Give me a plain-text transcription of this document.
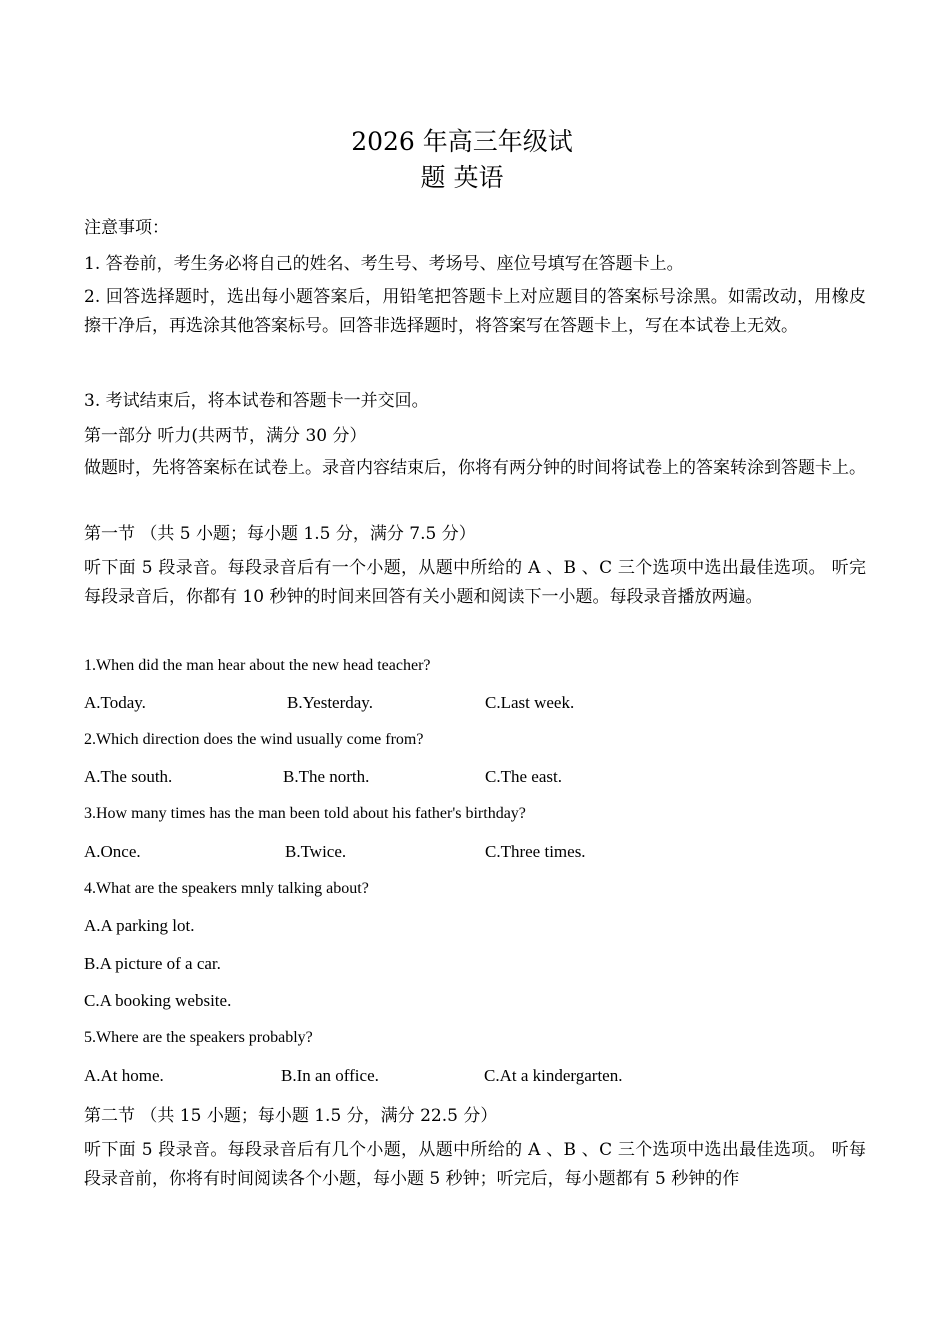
2026 年高三年级试
题 英语
注意事项：
1. 答卷前，考生务必将自己的姓名、考生号、考场号、座位号填写在答题卡上。
2. 回答选择题时，选出每小题答案后，用铅笔把答题卡上对应题目的答案标号涂黑。如需改动，用橡皮擦干净后，再选涂其他答案标号。回答非选择题时，将答案写在答题卡上，写在本试卷上无效。
3. 考试结束后，将本试卷和答题卡一并交回。
第一部分 听力(共两节，满分 30 分）
做题时，先将答案标在试卷上。录音内容结束后，你将有两分钟的时间将试卷上的答案转涂到答题卡上。
第一节 （共 5 小题；每小题 1.5 分，满分 7.5 分）
听下面 5 段录音。每段录音后有一个小题，从题中所给的 A 、B 、C 三个选项中选出最佳选项。 听完每段录音后，你都有 10 秒钟的时间来回答有关小题和阅读下一小题。每段录音播放两遍。
1.When did the man hear about the new head teacher?
A.Today.	B.Yesterday.	C.Last week.
2.Which direction does the wind usually come from?
A.The south.	B.The north.	C.The east.
3.How many times has the man been told about his father's birthday?
A.Once.	B.Twice.	C.Three times.
4.What are the speakers mnly talking about?
A.A parking lot.
B.A picture of a car.
C.A booking website.
5.Where are the speakers probably?
A.At home.	B.In an office.	C.At a kindergarten.
第二节 （共 15 小题；每小题 1.5 分，满分 22.5 分）
听下面 5 段录音。每段录音后有几个小题，从题中所给的 A 、B 、C 三个选项中选出最佳选项。 听每段录音前，你将有时间阅读各个小题，每小题 5 秒钟；听完后，每小题都有 5 秒钟的作
